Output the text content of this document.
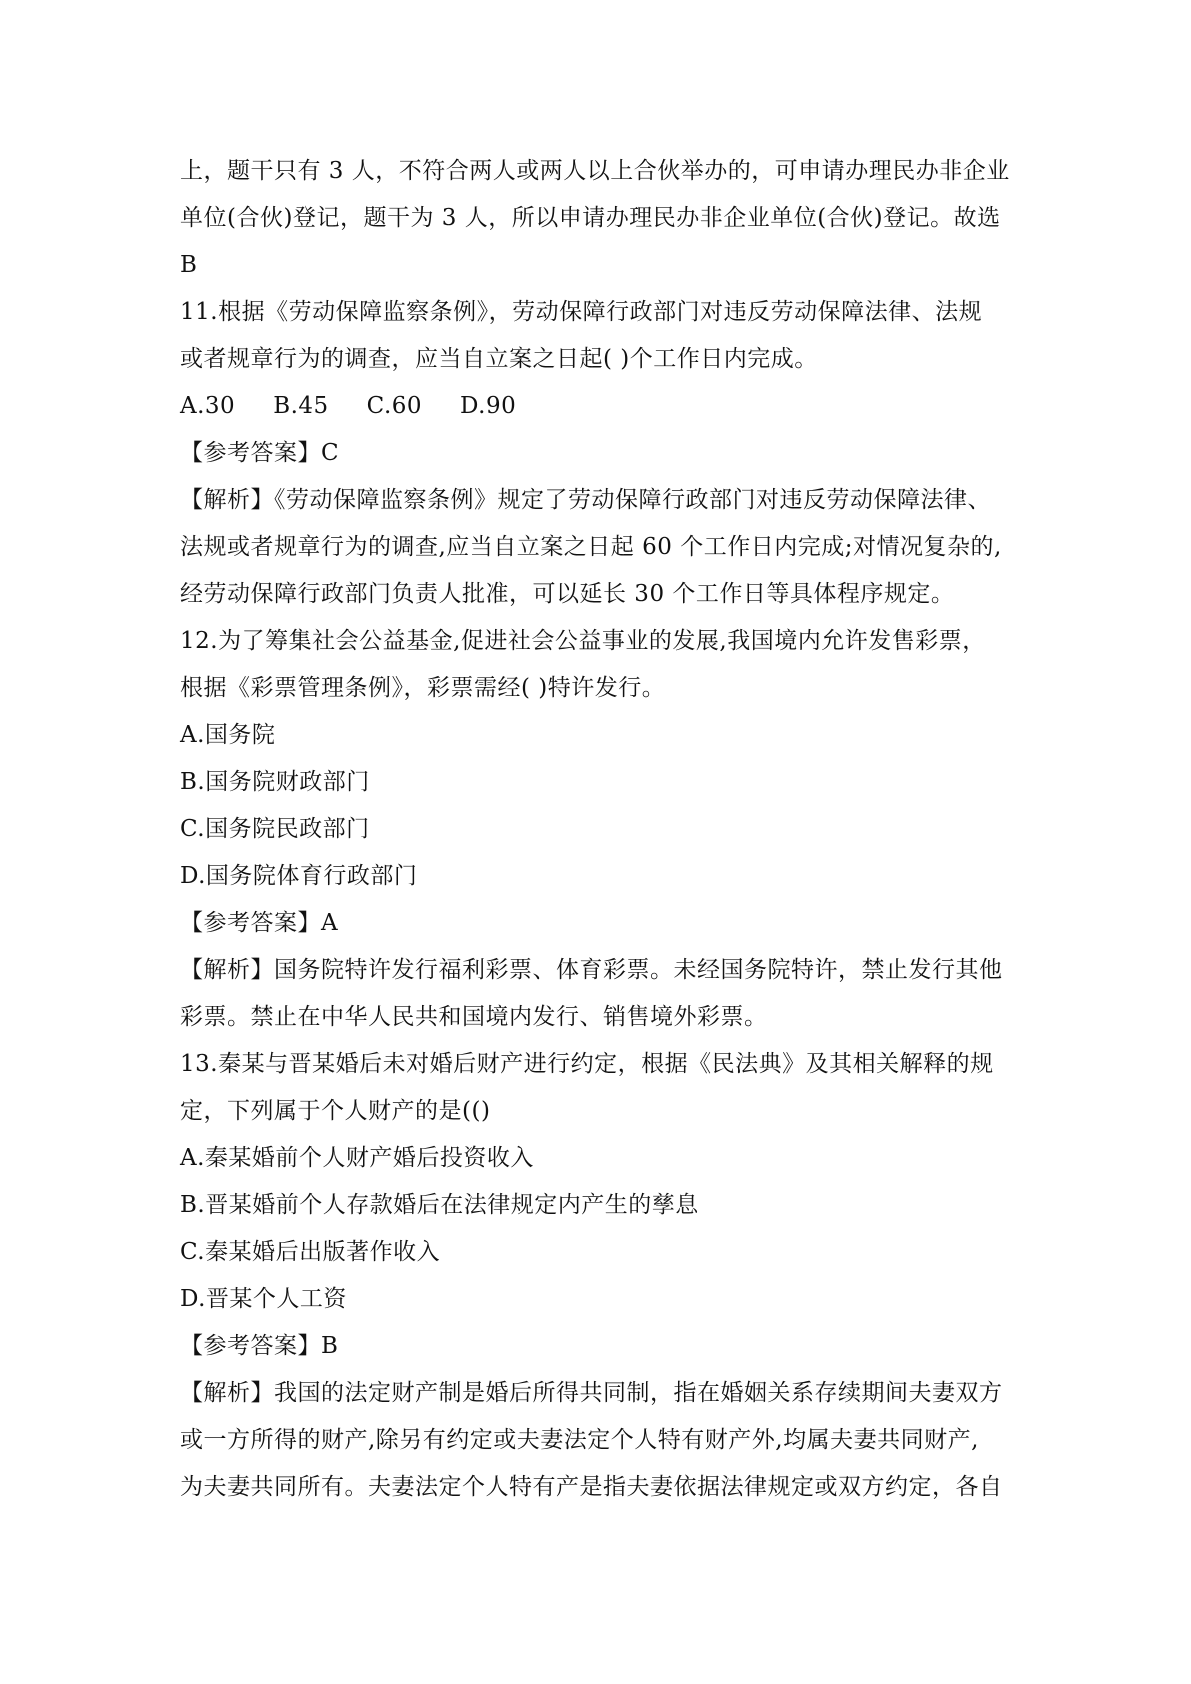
上，题干只有 3 人，不符合两人或两人以上合伙举办的，可申请办理民办非企业
单位(合伙)登记，题干为 3 人，所以申请办理民办非企业单位(合伙)登记。故选
B
11.根据《劳动保障监察条例》，劳动保障行政部门对违反劳动保障法律、法规
或者规章行为的调查，应当自立案之日起( )个工作日内完成。
A.30 B.45 C.60 D.90
【参考答案】C
【解析】《劳动保障监察条例》规定了劳动保障行政部门对违反劳动保障法律、
法规或者规章行为的调查,应当自立案之日起 60 个工作日内完成;对情况复杂的,
经劳动保障行政部门负责人批准，可以延长 30 个工作日等具体程序规定。
12.为了筹集社会公益基金,促进社会公益事业的发展,我国境内允许发售彩票，
根据《彩票管理条例》，彩票需经( )特许发行。
A.国务院
B.国务院财政部门
C.国务院民政部门
D.国务院体育行政部门
【参考答案】A
【解析】国务院特许发行福利彩票、体育彩票。未经国务院特许，禁止发行其他
彩票。禁止在中华人民共和国境内发行、销售境外彩票。
13.秦某与晋某婚后未对婚后财产进行约定，根据《民法典》及其相关解释的规
定，下列属于个人财产的是(()
A.秦某婚前个人财产婚后投资收入
B.晋某婚前个人存款婚后在法律规定内产生的孳息
C.秦某婚后出版著作收入
D.晋某个人工资
【参考答案】B
【解析】我国的法定财产制是婚后所得共同制，指在婚姻关系存续期间夫妻双方
或一方所得的财产,除另有约定或夫妻法定个人特有财产外,均属夫妻共同财产,
为夫妻共同所有。夫妻法定个人特有产是指夫妻依据法律规定或双方约定，各自
